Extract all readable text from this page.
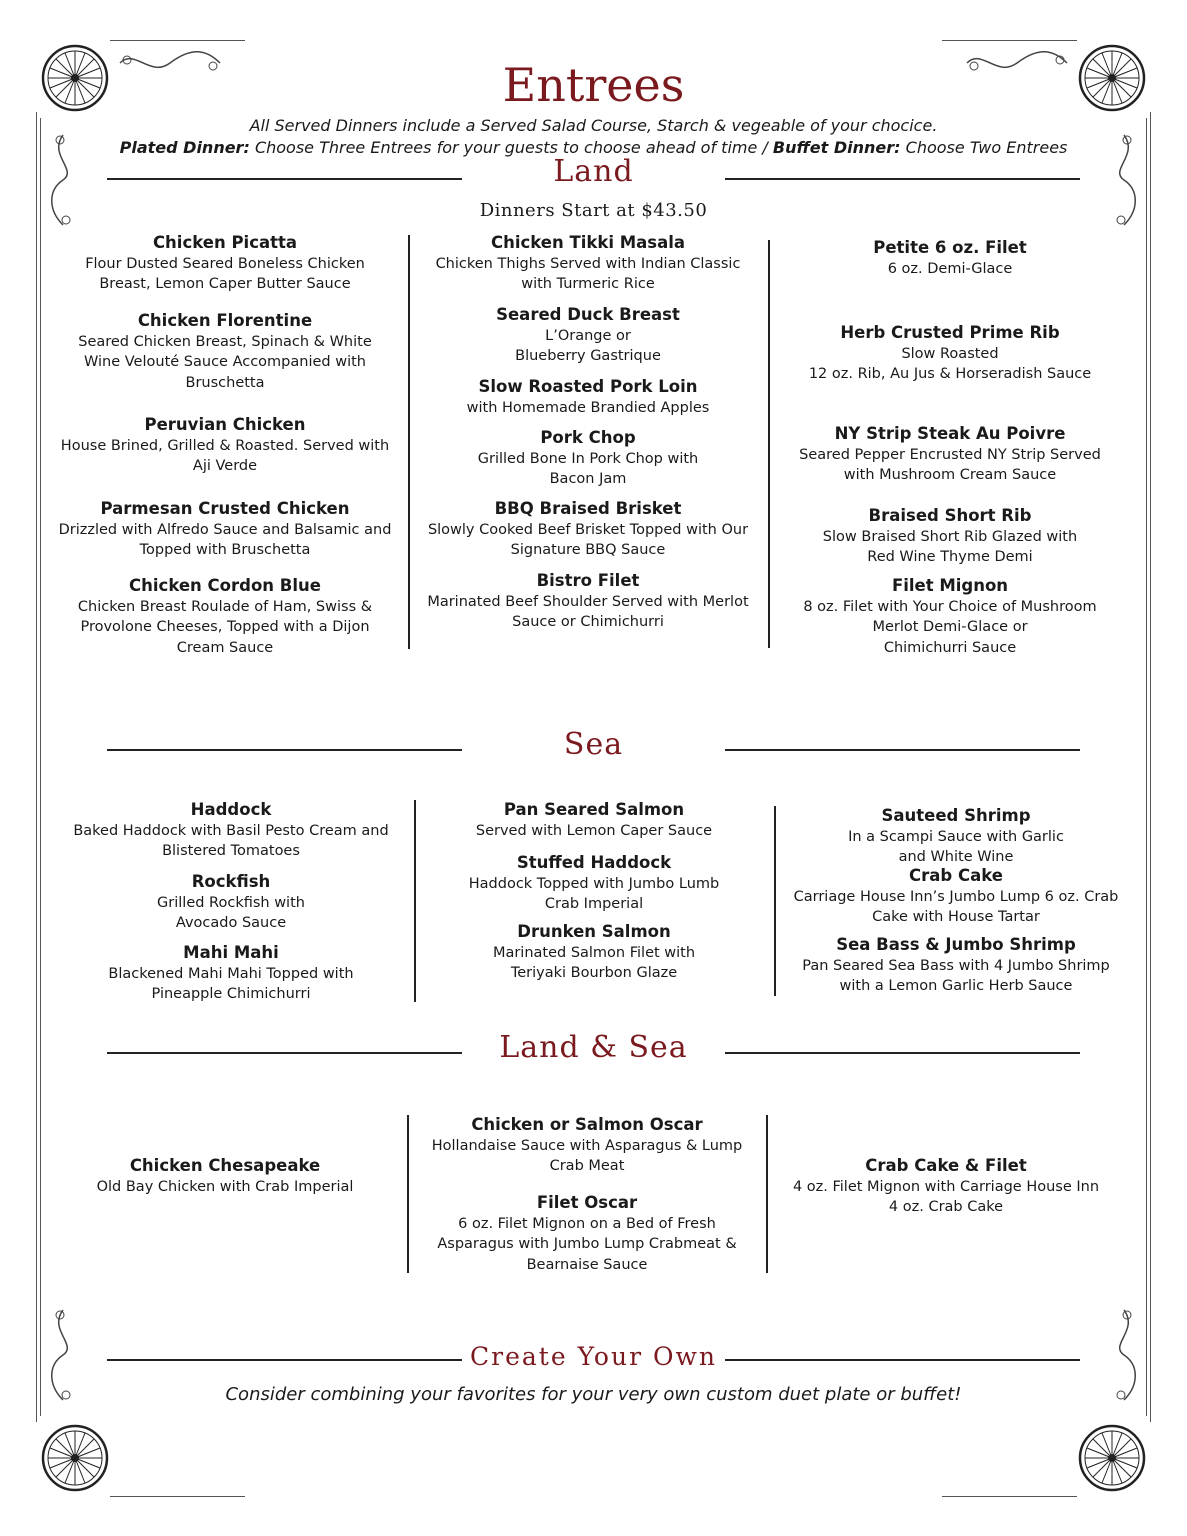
Entrees
All Served Dinners include a Served Salad Course, Starch & vegeable of your chocice.
Plated Dinner: Choose Three Entrees for your guests to choose ahead of time / Buffet Dinner: Choose Two Entrees
Land
Dinners Start at $43.50
Chicken Picatta
Flour Dusted Seared Boneless Chicken
Breast, Lemon Caper Butter Sauce
Chicken Florentine
Seared Chicken Breast, Spinach & White
Wine Velouté Sauce Accompanied with
Bruschetta
Peruvian Chicken
House Brined, Grilled & Roasted. Served with
Aji Verde
Parmesan Crusted Chicken
Drizzled with Alfredo Sauce and Balsamic and
Topped with Bruschetta
Chicken Cordon Blue
Chicken Breast Roulade of Ham, Swiss &
Provolone Cheeses, Topped with a Dijon
Cream Sauce
Chicken Tikki Masala
Chicken Thighs Served with Indian Classic
with Turmeric Rice
Seared Duck Breast
L’Orange or
Blueberry Gastrique
Slow Roasted Pork Loin
with Homemade Brandied Apples
Pork Chop
Grilled Bone In Pork Chop with
Bacon Jam
BBQ Braised Brisket
Slowly Cooked Beef Brisket Topped with Our
Signature BBQ Sauce
Bistro Filet
Marinated Beef Shoulder Served with Merlot
Sauce or Chimichurri
Petite 6 oz. Filet
6 oz. Demi-Glace
Herb Crusted Prime Rib
Slow Roasted
12 oz. Rib, Au Jus & Horseradish Sauce
NY Strip Steak Au Poivre
Seared Pepper Encrusted NY Strip Served
with Mushroom Cream Sauce
Braised Short Rib
Slow Braised Short Rib Glazed with
Red Wine Thyme Demi
Filet Mignon
8 oz. Filet with Your Choice of Mushroom
Merlot Demi-Glace or
Chimichurri Sauce
Sea
Haddock
Baked Haddock with Basil Pesto Cream and
Blistered Tomatoes
Rockfish
Grilled Rockfish with
Avocado Sauce
Mahi Mahi
Blackened Mahi Mahi Topped with
Pineapple Chimichurri
Pan Seared Salmon
Served with Lemon Caper Sauce
Stuffed Haddock
Haddock Topped with Jumbo Lumb
Crab Imperial
Drunken Salmon
Marinated Salmon Filet with
Teriyaki Bourbon Glaze
Sauteed Shrimp
In a Scampi Sauce with Garlic
and White Wine
Crab Cake
Carriage House Inn’s Jumbo Lump 6 oz. Crab
Cake with House Tartar
Sea Bass & Jumbo Shrimp
Pan Seared Sea Bass with 4 Jumbo Shrimp
with a Lemon Garlic Herb Sauce
Land & Sea
Chicken Chesapeake
Old Bay Chicken with Crab Imperial
Chicken or Salmon Oscar
Hollandaise Sauce with Asparagus & Lump
Crab Meat
Filet Oscar
6 oz. Filet Mignon on a Bed of Fresh
Asparagus with Jumbo Lump Crabmeat &
Bearnaise Sauce
Crab Cake & Filet
4 oz. Filet Mignon with Carriage House Inn
4 oz. Crab Cake
Create Your Own
Consider combining your favorites for your very own custom duet plate or buffet!
